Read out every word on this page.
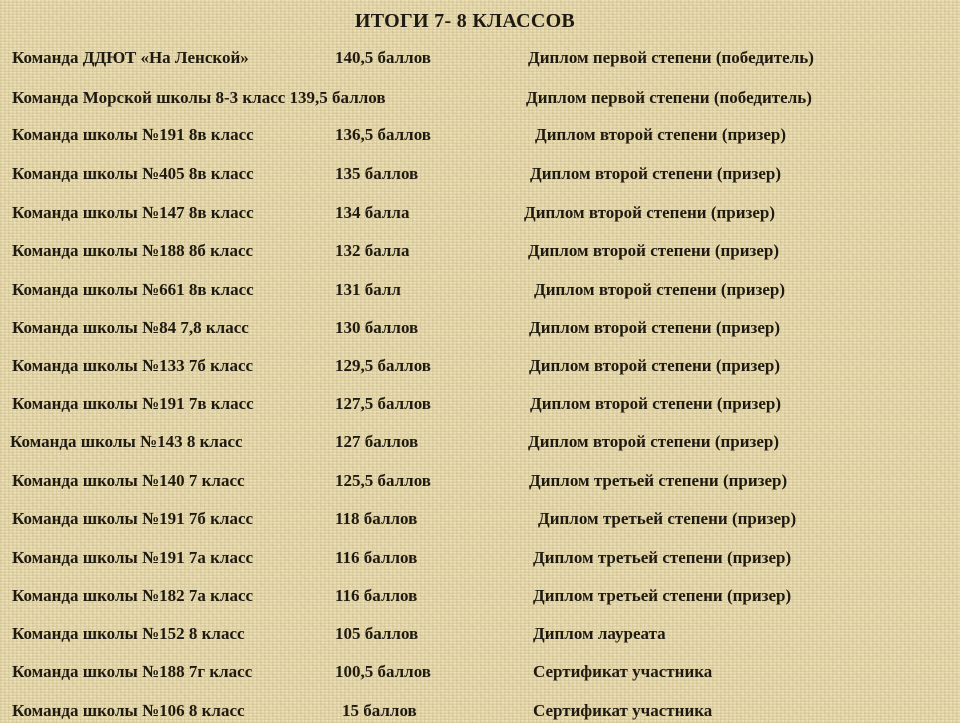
ИТОГИ 7- 8 КЛАССОВ
Команда ДДЮТ «На Ленской»	140,5 баллов	Диплом первой степени (победитель)
Команда Морской школы 8-3 класс 139,5 баллов	Диплом первой степени (победитель)
Команда школы №191 8в класс	136,5 баллов	Диплом второй степени (призер)
Команда школы №405 8в класс	135 баллов	Диплом второй степени (призер)
Команда школы №147 8в класс	134 балла	Диплом второй степени (призер)
Команда школы №188 8б класс	132 балла	Диплом второй степени (призер)
Команда школы №661 8в класс	131 балл	Диплом второй степени (призер)
Команда школы №84 7,8 класс	130 баллов	Диплом второй степени (призер)
Команда школы №133 7б класс	129,5 баллов	Диплом второй степени (призер)
Команда школы №191 7в класс	127,5 баллов	Диплом второй степени (призер)
Команда школы №143 8 класс	127 баллов	Диплом второй степени (призер)
Команда школы №140 7 класс	125,5 баллов	Диплом третьей степени (призер)
Команда школы №191 7б класс	118 баллов	Диплом третьей степени (призер)
Команда школы №191 7а класс	116 баллов	Диплом третьей степени (призер)
Команда школы №182 7а класс	116 баллов	Диплом третьей степени (призер)
Команда школы №152 8 класс	105 баллов	Диплом лауреата
Команда школы №188 7г класс	100,5 баллов	Сертификат участника
Команда школы №106 8 класс	15 баллов	Сертификат участника
